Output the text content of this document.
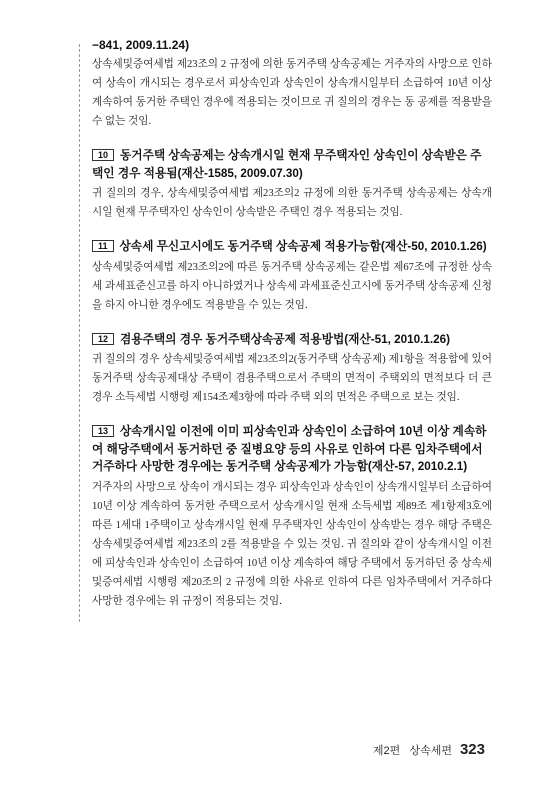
−841, 2009.11.24)

상속세및증여세법 제23조의 2 규정에 의한 동거주택 상속공제는 거주자의 사망으로 인하여 상속이 개시되는 경우로서 피상속인과 상속인이 상속개시일부터 소급하여 10년 이상 계속하여 동거한 주택인 경우에 적용되는 것이므로 귀 질의의 경우는 동 공제를 적용받을 수 없는 것임.

10 동거주택 상속공제는 상속개시일 현재 무주택자인 상속인이 상속받은 주택인 경우 적용됨(재산-1585, 2009.07.30)

귀 질의의 경우, 상속세및증여세법 제23조의2 규정에 의한 동거주택 상속공제는 상속개시일 현재 무주택자인 상속인이 상속받은 주택인 경우 적용되는 것임.

11 상속세 무신고시에도 동거주택 상속공제 적용가능함(재산-50, 2010.1.26)

상속세및증여세법 제23조의2에 따른 동거주택 상속공제는 같은법 제67조에 규정한 상속세 과세표준신고를 하지 아니하였거나 상속세 과세표준신고시에 동거주택 상속공제 신청을 하지 아니한 경우에도 적용받을 수 있는 것임.

12 겸용주택의 경우 동거주택상속공제 적용방법(재산-51, 2010.1.26)

귀 질의의 경우 상속세및증여세법 제23조의2(동거주택 상속공제) 제1항을 적용함에 있어 동거주택 상속공제대상 주택이 겸용주택으로서 주택의 면적이 주택외의 면적보다 더 큰 경우 소득세법 시행령 제154조제3항에 따라 주택 외의 면적은 주택으로 보는 것임.

13 상속개시일 이전에 이미 피상속인과 상속인이 소급하여 10년 이상 계속하여 해당주택에서 동거하던 중 질병요양 등의 사유로 인하여 다른 임차주택에서 거주하다 사망한 경우에는 동거주택 상속공제가 가능함(재산-57, 2010.2.1)

거주자의 사망으로 상속이 개시되는 경우 피상속인과 상속인이 상속개시일부터 소급하여 10년 이상 계속하여 동거한 주택으로서 상속개시일 현재 소득세법 제89조 제1항제3호에 따른 1세대 1주택이고 상속개시일 현재 무주택자인 상속인이 상속받는 경우 해당 주택은 상속세및증여세법 제23조의 2를 적용받을 수 있는 것임. 귀 질의와 같이 상속개시일 이전에 피상속인과 상속인이 소급하여 10년 이상 계속하여 해당 주택에서 동거하던 중 상속세및증여세법 시행령 제20조의 2 규정에 의한 사유로 인하여 다른 임차주택에서 거주하다 사망한 경우에는 위 규정이 적용되는 것임.

제2편   상속세편 323
